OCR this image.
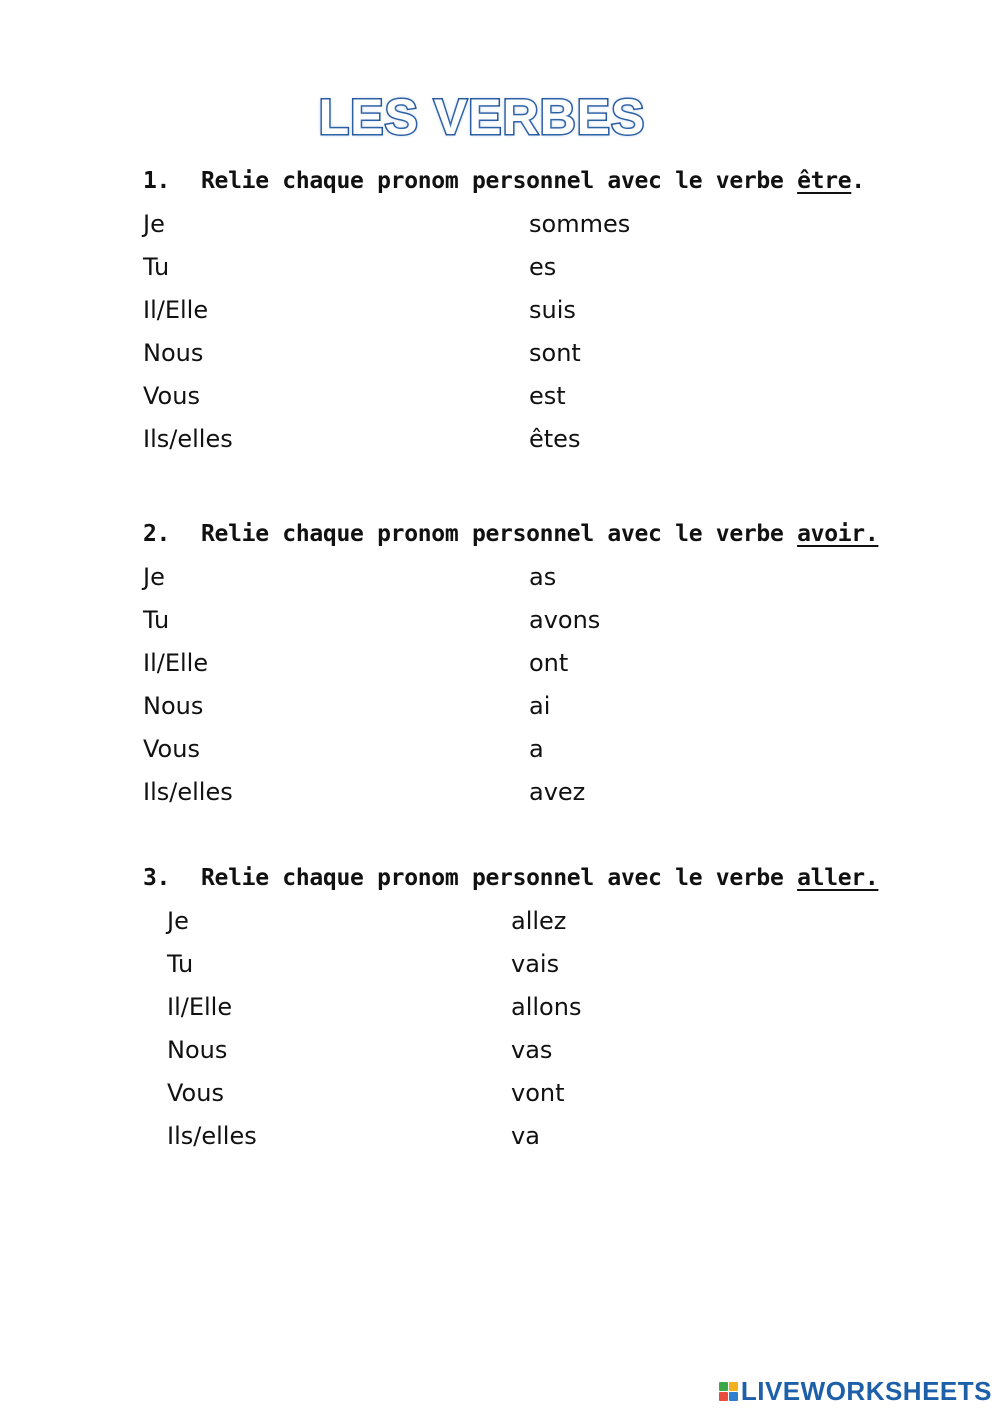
LES VERBES
1. Relie chaque pronom personnel avec le verbe être.
Je	sommes
Tu	es
Il/Elle	suis
Nous	sont
Vous	est
Ils/elles	êtes
2. Relie chaque pronom personnel avec le verbe avoir.
Je	as
Tu	avons
Il/Elle	ont
Nous	ai
Vous	a
Ils/elles	avez
3. Relie chaque pronom personnel avec le verbe aller.
Je	allez
Tu	vais
Il/Elle	allons
Nous	vas
Vous	vont
Ils/elles	va
LIVEWORKSHEETS
